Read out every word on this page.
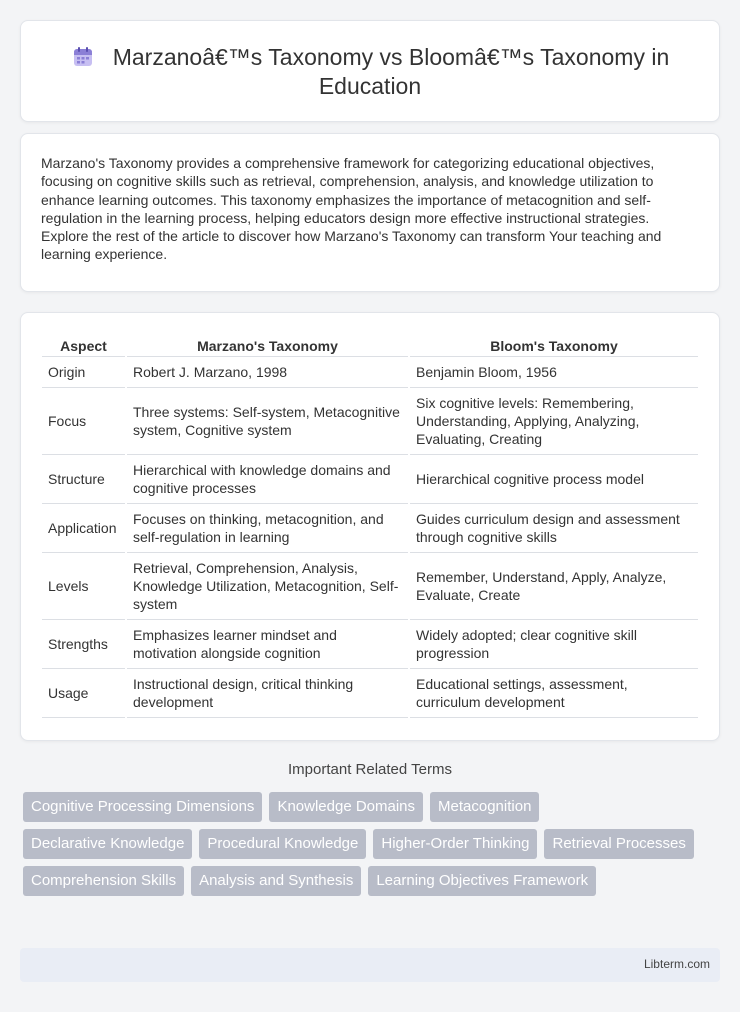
Marzanoâ€™s Taxonomy vs Bloomâ€™s Taxonomy in Education

Marzano's Taxonomy provides a comprehensive framework for categorizing educational objectives, focusing on cognitive skills such as retrieval, comprehension, analysis, and knowledge utilization to enhance learning outcomes. This taxonomy emphasizes the importance of metacognition and self-regulation in the learning process, helping educators design more effective instructional strategies. Explore the rest of the article to discover how Marzano's Taxonomy can transform Your teaching and learning experience.

Aspect	Marzano's Taxonomy	Bloom's Taxonomy
Origin	Robert J. Marzano, 1998	Benjamin Bloom, 1956
Focus	Three systems: Self-system, Metacognitive system, Cognitive system	Six cognitive levels: Remembering, Understanding, Applying, Analyzing, Evaluating, Creating
Structure	Hierarchical with knowledge domains and cognitive processes	Hierarchical cognitive process model
Application	Focuses on thinking, metacognition, and self-regulation in learning	Guides curriculum design and assessment through cognitive skills
Levels	Retrieval, Comprehension, Analysis, Knowledge Utilization, Metacognition, Self-system	Remember, Understand, Apply, Analyze, Evaluate, Create
Strengths	Emphasizes learner mindset and motivation alongside cognition	Widely adopted; clear cognitive skill progression
Usage	Instructional design, critical thinking development	Educational settings, assessment, curriculum development
Important Related Terms
Cognitive Processing Dimensions	Knowledge Domains	Metacognition
Declarative Knowledge	Procedural Knowledge	Higher-Order Thinking	Retrieval Processes
Comprehension Skills	Analysis and Synthesis	Learning Objectives Framework
Libterm.com
